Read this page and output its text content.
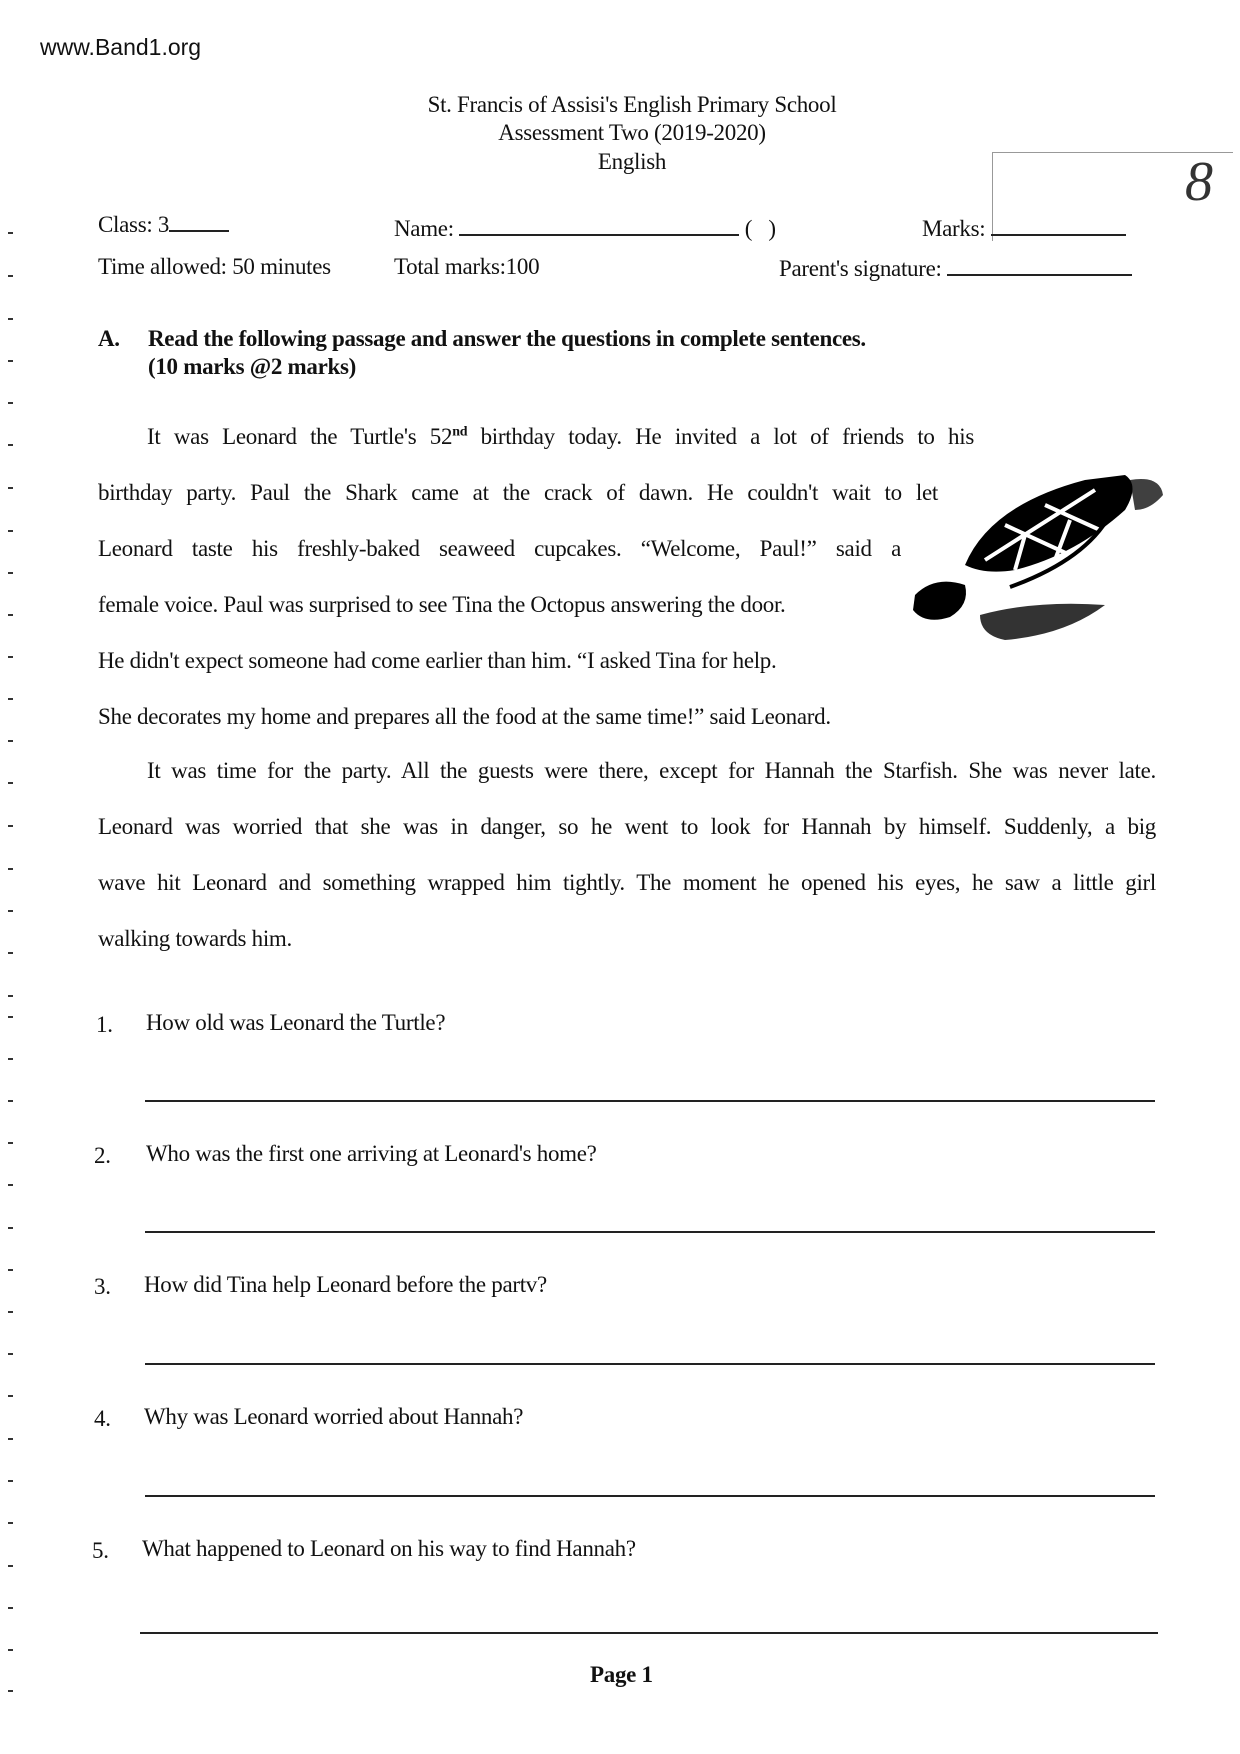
www.Band1.org
St. Francis of Assisi's English Primary School
Assessment Two (2019-2020)
English	8
Class: 3	Name:	(   )	Marks:
Time allowed: 50 minutes	Total marks:100	Parent's signature:
A. Read the following passage and answer the questions in complete sentences.
(10 marks @2 marks)
It was Leonard the Turtle's 52nd birthday today. He invited a lot of friends to his
birthday party. Paul the Shark came at the crack of dawn. He couldn't wait to let
Leonard taste his freshly-baked seaweed cupcakes. “Welcome, Paul!” said a
female voice. Paul was surprised to see Tina the Octopus answering the door.
He didn't expect someone had come earlier than him. “I asked Tina for help.
She decorates my home and prepares all the food at the same time!” said Leonard.
It was time for the party. All the guests were there, except for Hannah the Starfish. She was never late.
Leonard was worried that she was in danger, so he went to look for Hannah by himself. Suddenly, a big
wave hit Leonard and something wrapped him tightly. The moment he opened his eyes, he saw a little girl
walking towards him.
1. How old was Leonard the Turtle?
2. Who was the first one arriving at Leonard's home?
3. How did Tina help Leonard before the partv?
4. Why was Leonard worried about Hannah?
5. What happened to Leonard on his way to find Hannah?
Page 1
